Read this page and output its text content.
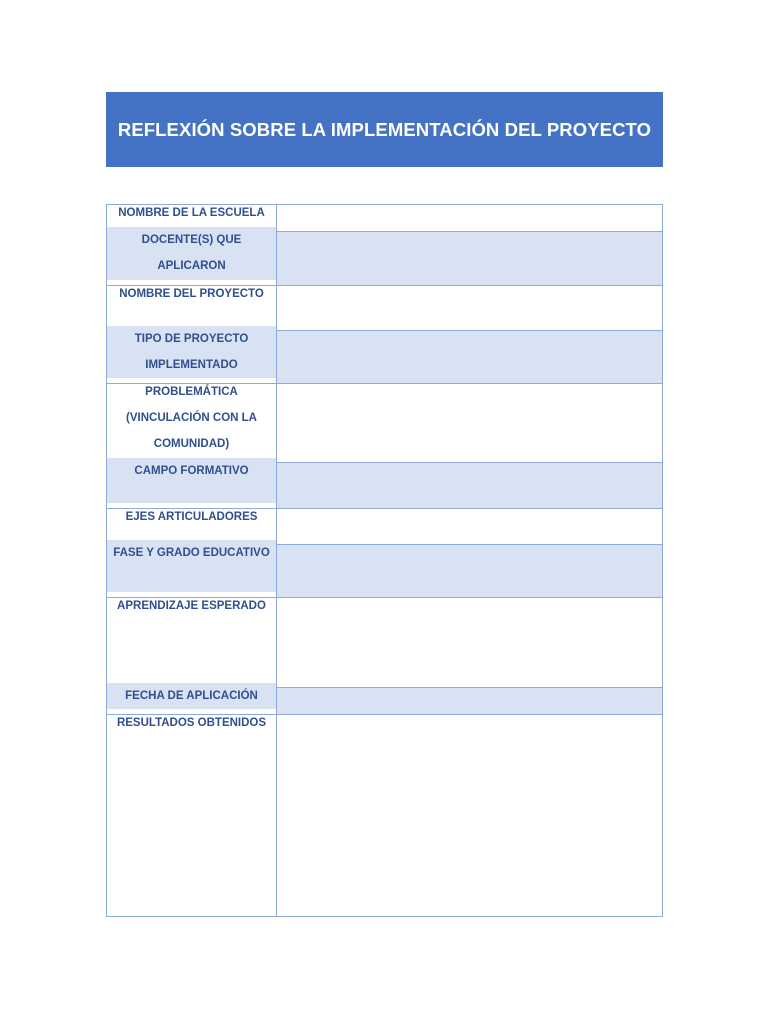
REFLEXIÓN SOBRE LA IMPLEMENTACIÓN DEL PROYECTO
NOMBRE DE LA ESCUELA	
DOCENTE(S) QUE APLICARON	
NOMBRE DEL PROYECTO	
TIPO DE PROYECTO IMPLEMENTADO	
PROBLEMÁTICA (VINCULACIÓN CON LA COMUNIDAD)	
CAMPO FORMATIVO	
EJES ARTICULADORES	
FASE Y GRADO EDUCATIVO	
APRENDIZAJE ESPERADO	
FECHA DE APLICACIÓN	
RESULTADOS OBTENIDOS	
